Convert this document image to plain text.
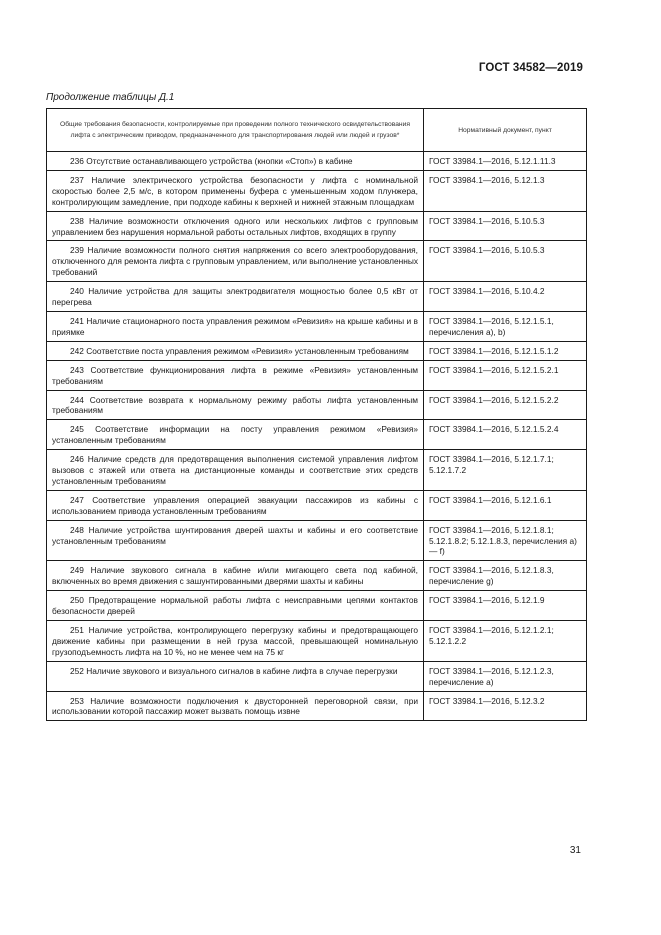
ГОСТ 34582—2019
Продолжение таблицы Д.1
Общие требования безопасности, контролируемые при проведении полного технического освидетельствования лифта с электрическим приводом, предназначенного для транспортирования людей или людей и грузов*	Нормативный документ, пункт
236 Отсутствие останавливающего устройства (кнопки «Стоп») в кабине	ГОСТ 33984.1—2016, 5.12.1.11.3
237 Наличие электрического устройства безопасности у лифта с номинальной скоростью более 2,5 м/с, в котором применены буфера с уменьшенным ходом плунжера, контролирующим замедление, при подходе кабины к верхней и нижней этажным площадкам	ГОСТ 33984.1—2016, 5.12.1.3
238 Наличие возможности отключения одного или нескольких лифтов с групповым управлением без нарушения нормальной работы остальных лифтов, входящих в группу	ГОСТ 33984.1—2016, 5.10.5.3
239 Наличие возможности полного снятия напряжения со всего электрооборудования, отключенного для ремонта лифта с групповым управлением, или выполнение установленных требований	ГОСТ 33984.1—2016, 5.10.5.3
240 Наличие устройства для защиты электродвигателя мощностью более 0,5 кВт от перегрева	ГОСТ 33984.1—2016, 5.10.4.2
241 Наличие стационарного поста управления режимом «Ревизия» на крыше кабины и в приямке	ГОСТ 33984.1—2016, 5.12.1.5.1, перечисления а), b)
242 Соответствие поста управления режимом «Ревизия» установленным требованиям	ГОСТ 33984.1—2016, 5.12.1.5.1.2
243 Соответствие функционирования лифта в режиме «Ревизия» установленным требованиям	ГОСТ 33984.1—2016, 5.12.1.5.2.1
244 Соответствие возврата к нормальному режиму работы лифта установленным требованиям	ГОСТ 33984.1—2016, 5.12.1.5.2.2
245 Соответствие информации на посту управления режимом «Ревизия» установленным требованиям	ГОСТ 33984.1—2016, 5.12.1.5.2.4
246 Наличие средств для предотвращения выполнения системой управления лифтом вызовов с этажей или ответа на дистанционные команды и соответствие этих средств установленным требованиям	ГОСТ 33984.1—2016, 5.12.1.7.1; 5.12.1.7.2
247 Соответствие управления операцией эвакуации пассажиров из кабины с использованием привода установленным требованиям	ГОСТ 33984.1—2016, 5.12.1.6.1
248 Наличие устройства шунтирования дверей шахты и кабины и его соответствие установленным требованиям	ГОСТ 33984.1—2016, 5.12.1.8.1; 5.12.1.8.2; 5.12.1.8.3, перечисления а) — f)
249 Наличие звукового сигнала в кабине и/или мигающего света под кабиной, включенных во время движения с зашунтированными дверями шахты и кабины	ГОСТ 33984.1—2016, 5.12.1.8.3, перечисление g)
250 Предотвращение нормальной работы лифта с неисправными цепями контактов безопасности дверей	ГОСТ 33984.1—2016, 5.12.1.9
251 Наличие устройства, контролирующего перегрузку кабины и предотвращающего движение кабины при размещении в ней груза массой, превышающей номинальную грузоподъемность лифта на 10 %, но не менее чем на 75 кг	ГОСТ 33984.1—2016, 5.12.1.2.1; 5.12.1.2.2
252 Наличие звукового и визуального сигналов в кабине лифта в случае перегрузки	ГОСТ 33984.1—2016, 5.12.1.2.3, перечисление а)
253 Наличие возможности подключения к двусторонней переговорной связи, при использовании которой пассажир может вызвать помощь извне	ГОСТ 33984.1—2016, 5.12.3.2
31
